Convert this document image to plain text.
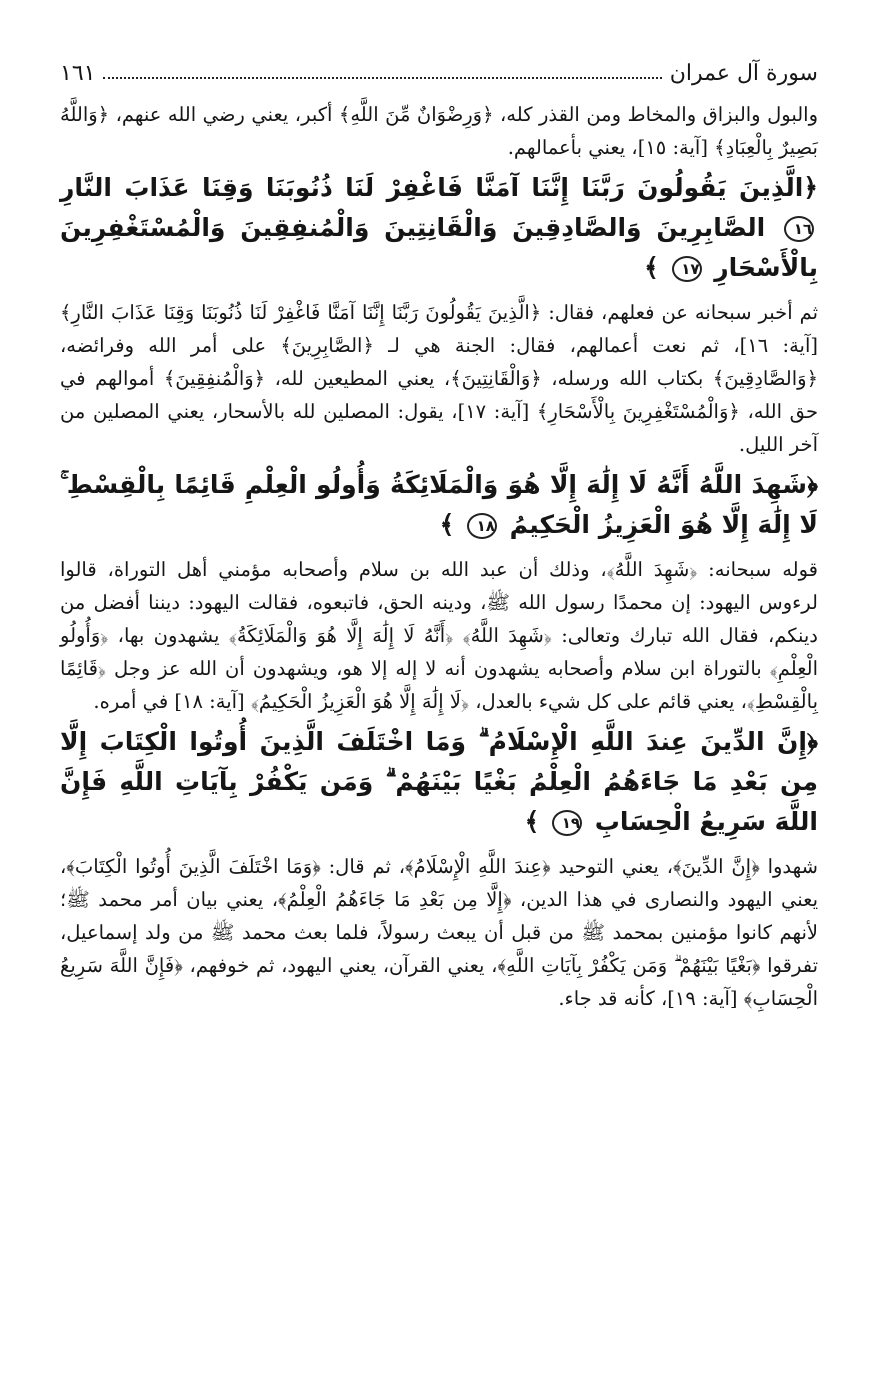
سورة آل عمران
١٦١

والبول والبزاق والمخاط ومن القذر كله، ﴿وَرِضْوَانٌ مِّنَ اللَّهِ﴾ أكبر، يعني رضي الله عنهم، ﴿وَاللَّهُ بَصِيرٌ بِالْعِبَادِ﴾ [آية: ١٥]، يعني بأعمالهم.

﴿الَّذِينَ يَقُولُونَ رَبَّنَا إِنَّنَا آمَنَّا فَاغْفِرْ لَنَا ذُنُوبَنَا وَقِنَا عَذَابَ النَّارِ ١٦ الصَّابِرِينَ وَالصَّادِقِينَ وَالْقَانِتِينَ وَالْمُنفِقِينَ وَالْمُسْتَغْفِرِينَ بِالْأَسْحَارِ ١٧ ﴾

ثم أخبر سبحانه عن فعلهم، فقال: ﴿الَّذِينَ يَقُولُونَ رَبَّنَا إِنَّنَا آمَنَّا فَاغْفِرْ لَنَا ذُنُوبَنَا وَقِنَا عَذَابَ النَّارِ﴾ [آية: ١٦]، ثم نعت أعمالهم، فقال: الجنة هي لـ ﴿الصَّابِرِينَ﴾ على أمر الله وفرائضه، ﴿وَالصَّادِقِينَ﴾ بكتاب الله ورسله، ﴿وَالْقَانِتِينَ﴾، يعني المطيعين لله، ﴿وَالْمُنفِقِينَ﴾ أموالهم في حق الله، ﴿وَالْمُسْتَغْفِرِينَ بِالْأَسْحَارِ﴾ [آية: ١٧]، يقول: المصلين لله بالأسحار، يعني المصلين من آخر الليل.

﴿شَهِدَ اللَّهُ أَنَّهُ لَا إِلَٰهَ إِلَّا هُوَ وَالْمَلَائِكَةُ وَأُولُو الْعِلْمِ قَائِمًا بِالْقِسْطِ ۚ لَا إِلَٰهَ إِلَّا هُوَ الْعَزِيزُ الْحَكِيمُ ١٨ ﴾

قوله سبحانه: ﴿شَهِدَ اللَّهُ﴾، وذلك أن عبد الله بن سلام وأصحابه مؤمني أهل التوراة، قالوا لرءوس اليهود: إن محمدًا رسول الله ﷺ، ودينه الحق، فاتبعوه، فقالت اليهود: ديننا أفضل من دينكم، فقال الله تبارك وتعالى: ﴿شَهِدَ اللَّهُ﴾ ﴿أَنَّهُ لَا إِلَٰهَ إِلَّا هُوَ وَالْمَلَائِكَةُ﴾ يشهدون بها، ﴿وَأُولُو الْعِلْمِ﴾ بالتوراة ابن سلام وأصحابه يشهدون أنه لا إله إلا هو، ويشهدون أن الله عز وجل ﴿قَائِمًا بِالْقِسْطِ﴾، يعني قائم على كل شيء بالعدل، ﴿لَا إِلَٰهَ إِلَّا هُوَ الْعَزِيزُ الْحَكِيمُ﴾ [آية: ١٨] في أمره.

﴿إِنَّ الدِّينَ عِندَ اللَّهِ الْإِسْلَامُ ۗ وَمَا اخْتَلَفَ الَّذِينَ أُوتُوا الْكِتَابَ إِلَّا مِن بَعْدِ مَا جَاءَهُمُ الْعِلْمُ بَغْيًا بَيْنَهُمْ ۗ وَمَن يَكْفُرْ بِآيَاتِ اللَّهِ فَإِنَّ اللَّهَ سَرِيعُ الْحِسَابِ ١٩ ﴾

شهدوا ﴿إِنَّ الدِّينَ﴾، يعني التوحيد ﴿عِندَ اللَّهِ الْإِسْلَامُ﴾، ثم قال: ﴿وَمَا اخْتَلَفَ الَّذِينَ أُوتُوا الْكِتَابَ﴾، يعني اليهود والنصارى في هذا الدين، ﴿إِلَّا مِن بَعْدِ مَا جَاءَهُمُ الْعِلْمُ﴾، يعني بيان أمر محمد ﷺ؛ لأنهم كانوا مؤمنين بمحمد ﷺ من قبل أن يبعث رسولاً، فلما بعث محمد ﷺ من ولد إسماعيل، تفرقوا ﴿بَغْيًا بَيْنَهُمْ ۗ وَمَن يَكْفُرْ بِآيَاتِ اللَّهِ﴾، يعني القرآن، يعني اليهود، ثم خوفهم، ﴿فَإِنَّ اللَّهَ سَرِيعُ الْحِسَابِ﴾ [آية: ١٩]، كأنه قد جاء.
